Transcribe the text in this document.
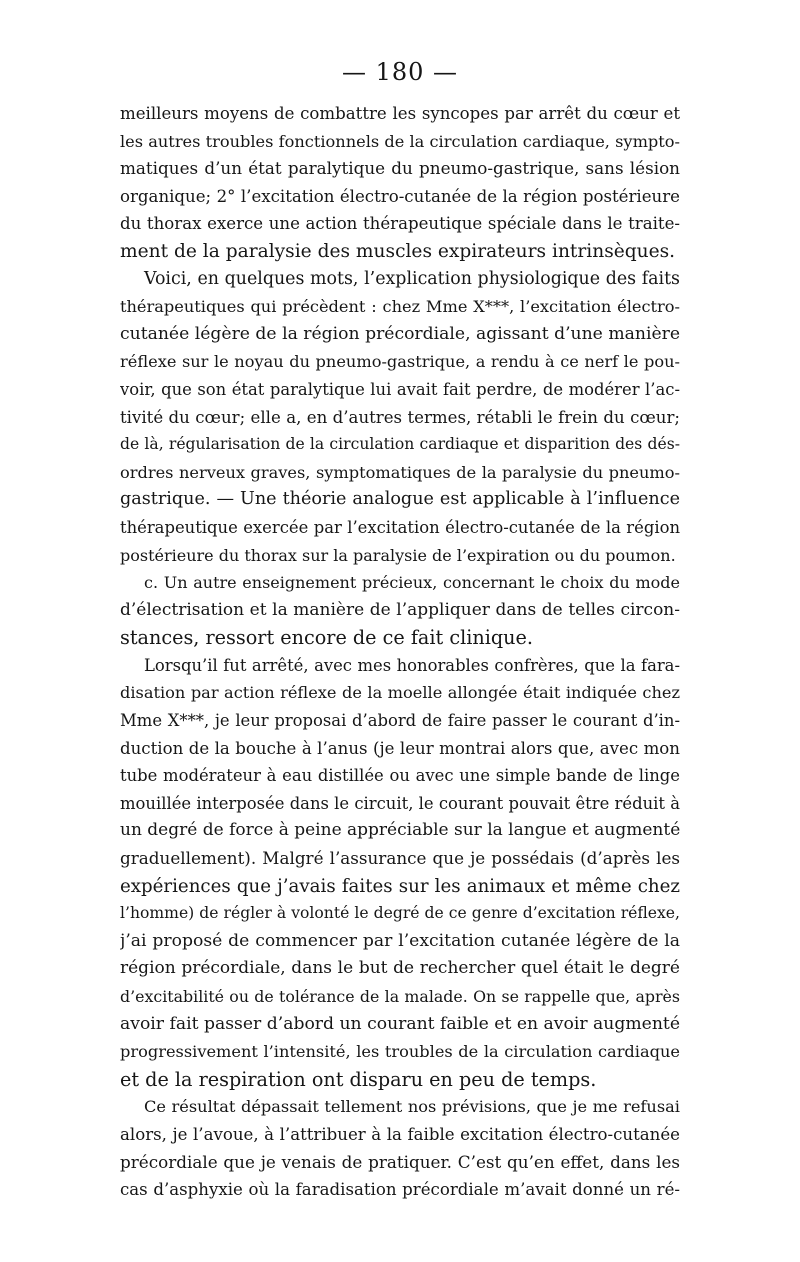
— 180 —
meilleurs moyens de combattre les syncopes par arrêt du cœur et
les autres troubles fonctionnels de la circulation cardiaque, sympto-
matiques d’un état paralytique du pneumo-gastrique, sans lésion
organique; 2° l’excitation électro-cutanée de la région postérieure
du thorax exerce une action thérapeutique spéciale dans le traite-
ment de la paralysie des muscles expirateurs intrinsèques.
Voici, en quelques mots, l’explication physiologique des faits
thérapeutiques qui précèdent : chez Mme X***, l’excitation électro-
cutanée légère de la région précordiale, agissant d’une manière
réflexe sur le noyau du pneumo-gastrique, a rendu à ce nerf le pou-
voir, que son état paralytique lui avait fait perdre, de modérer l’ac-
tivité du cœur; elle a, en d’autres termes, rétabli le frein du cœur;
de là, régularisation de la circulation cardiaque et disparition des dés-
ordres nerveux graves, symptomatiques de la paralysie du pneumo-
gastrique. — Une théorie analogue est applicable à l’influence
thérapeutique exercée par l’excitation électro-cutanée de la région
postérieure du thorax sur la paralysie de l’expiration ou du poumon.
c. Un autre enseignement précieux, concernant le choix du mode
d’électrisation et la manière de l’appliquer dans de telles circon-
stances, ressort encore de ce fait clinique.
Lorsqu’il fut arrêté, avec mes honorables confrères, que la fara-
disation par action réflexe de la moelle allongée était indiquée chez
Mme X***, je leur proposai d’abord de faire passer le courant d’in-
duction de la bouche à l’anus (je leur montrai alors que, avec mon
tube modérateur à eau distillée ou avec une simple bande de linge
mouillée interposée dans le circuit, le courant pouvait être réduit à
un degré de force à peine appréciable sur la langue et augmenté
graduellement). Malgré l’assurance que je possédais (d’après les
expériences que j’avais faites sur les animaux et même chez
l’homme) de régler à volonté le degré de ce genre d’excitation réflexe,
j’ai proposé de commencer par l’excitation cutanée légère de la
région précordiale, dans le but de rechercher quel était le degré
d’excitabilité ou de tolérance de la malade. On se rappelle que, après
avoir fait passer d’abord un courant faible et en avoir augmenté
progressivement l’intensité, les troubles de la circulation cardiaque
et de la respiration ont disparu en peu de temps.
Ce résultat dépassait tellement nos prévisions, que je me refusai
alors, je l’avoue, à l’attribuer à la faible excitation électro-cutanée
précordiale que je venais de pratiquer. C’est qu’en effet, dans les
cas d’asphyxie où la faradisation précordiale m’avait donné un ré-
